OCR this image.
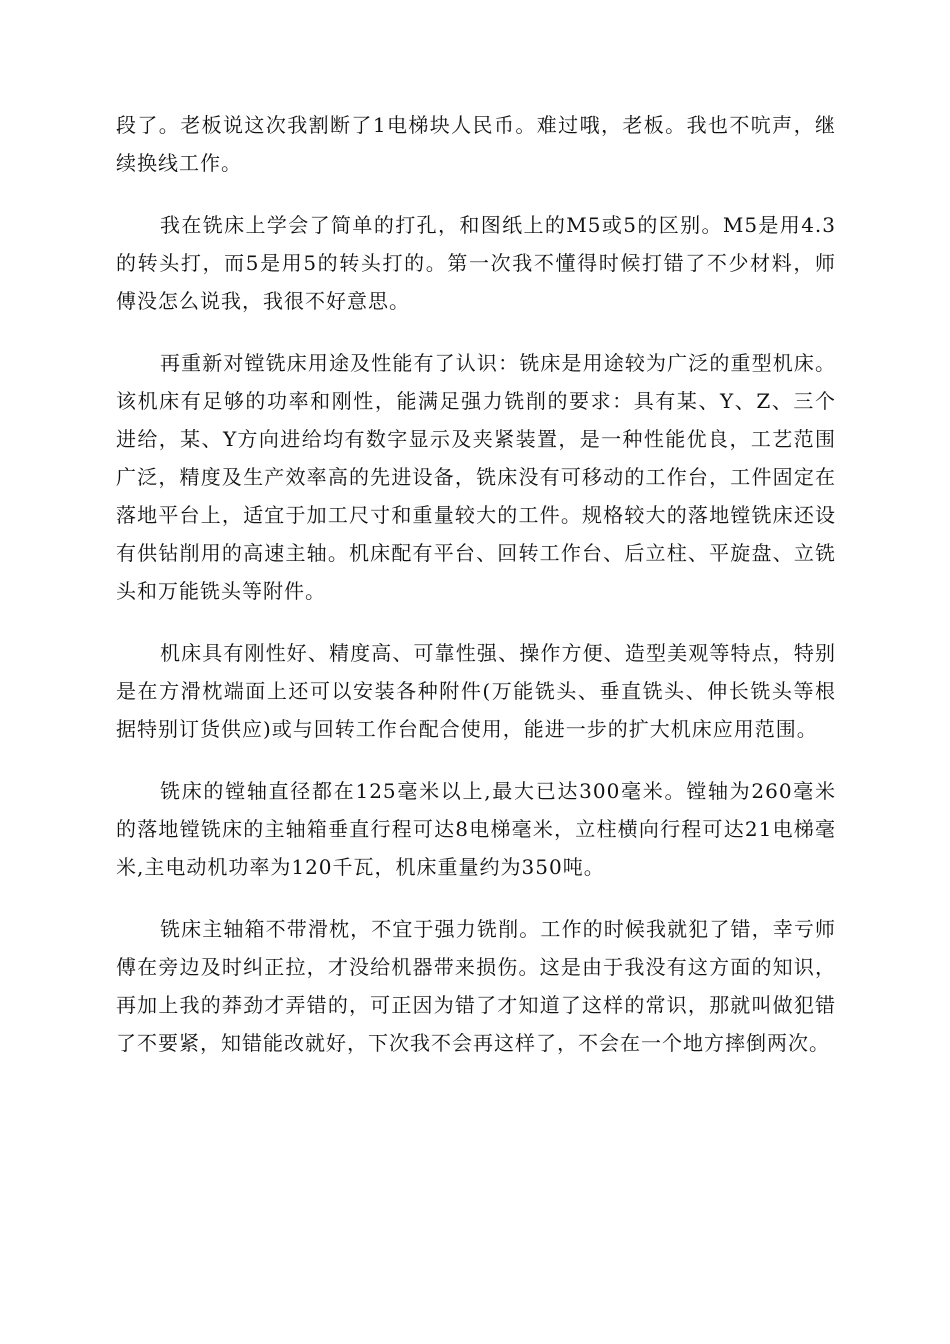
段了。老板说这次我割断了1电梯块人民币。难过哦，老板。我也不吭声，继续换线工作。

我在铣床上学会了简单的打孔，和图纸上的M5或5的区别。M5是用4.3的转头打，而5是用5的转头打的。第一次我不懂得时候打错了不少材料，师傅没怎么说我，我很不好意思。

再重新对镗铣床用途及性能有了认识：铣床是用途较为广泛的重型机床。该机床有足够的功率和刚性，能满足强力铣削的要求：具有某、Y、Z、三个进给，某、Y方向进给均有数字显示及夹紧装置，是一种性能优良，工艺范围广泛，精度及生产效率高的先进设备，铣床没有可移动的工作台，工件固定在落地平台上，适宜于加工尺寸和重量较大的工件。规格较大的落地镗铣床还设有供钻削用的高速主轴。机床配有平台、回转工作台、后立柱、平旋盘、立铣头和万能铣头等附件。

机床具有刚性好、精度高、可靠性强、操作方便、造型美观等特点，特别是在方滑枕端面上还可以安装各种附件(万能铣头、垂直铣头、伸长铣头等根据特别订货供应)或与回转工作台配合使用，能进一步的扩大机床应用范围。

铣床的镗轴直径都在125毫米以上,最大已达300毫米。镗轴为260毫米的落地镗铣床的主轴箱垂直行程可达8电梯毫米，立柱横向行程可达21电梯毫米,主电动机功率为120千瓦，机床重量约为350吨。

铣床主轴箱不带滑枕，不宜于强力铣削。工作的时候我就犯了错，幸亏师傅在旁边及时纠正拉，才没给机器带来损伤。这是由于我没有这方面的知识，再加上我的莽劲才弄错的，可正因为错了才知道了这样的常识，那就叫做犯错了不要紧，知错能改就好，下次我不会再这样了，不会在一个地方摔倒两次。
